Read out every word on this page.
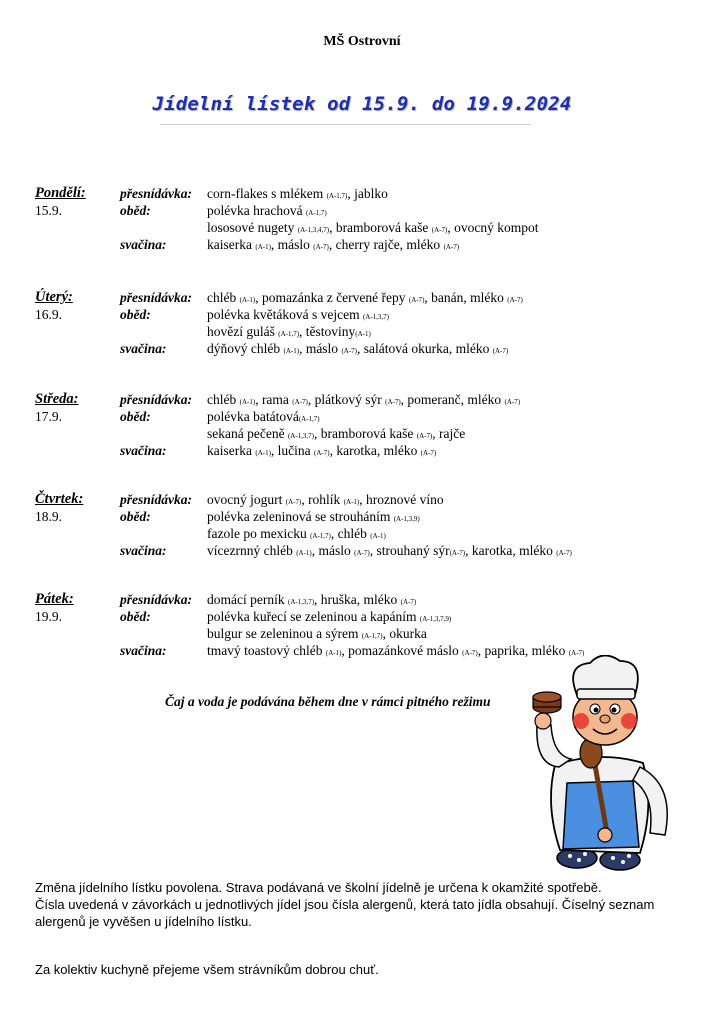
MŠ Ostrovní
Jídelní lístek od 15.9. do 19.9.2024
Pondělí:	přesnídávka: corn-flakes s mlékem (A-1,7), jablko
15.9.	oběd:	polévka hrachová (A-1,7)
lososové nugety (A-1,3,4,7), bramborová kaše (A-7), ovocný kompot
svačina:	kaiserka (A-1), máslo (A-7), cherry rajče, mléko (A-7)
Úterý:	přesnídávka: chléb (A-1), pomazánka z červené řepy (A-7), banán, mléko (A-7)
16.9.	oběd:	polévka květáková s vejcem (A-1,3,7)
hovězí guláš (A-1,7), těstoviny(A-1)
svačina:	dýňový chléb (A-1), máslo (A-7), salátová okurka, mléko (A-7)
Středa:	přesnídávka: chléb (A-1), rama (A-7), plátkový sýr (A-7), pomeranč, mléko (A-7)
17.9.	oběd:	polévka batátová(A-1,7)
sekaná pečeně (A-1,3,7), bramborová kaše (A-7), rajče
svačina:	kaiserka (A-1), lučina (A-7), karotka, mléko (A-7)
Čtvrtek:	přesnídávka: ovocný jogurt (A-7), rohlík (A-1), hroznové víno
18.9.	oběd:	polévka zeleninová se strouháním (A-1,3,9)
fazole po mexicku (A-1,7), chléb (A-1)
svačina:	vícezrnný chléb (A-1), máslo (A-7), strouhaný sýr(A-7), karotka, mléko (A-7)
Pátek:	přesnídávka: domácí perník (A-1,3,7), hruška, mléko (A-7)
19.9.	oběd:	polévka kuřecí se zeleninou a kapáním (A-1,3,7,9)
bulgur se zeleninou a sýrem (A-1,7), okurka
svačina:	tmavý toastový chléb (A-1), pomazánkové máslo (A-7), paprika, mléko (A-7)
Čaj a voda je podávána během dne v rámci pitného režimu
Změna jídelního lístku povolena. Strava podávaná ve školní jídelně je určena k okamžité spotřebě.
Čísla uvedená v závorkách u jednotlivých jídel jsou čísla alergenů, která tato jídla obsahují. Číselný seznam
alergenů je vyvěšen u jídelního lístku.
Za kolektiv kuchyně přejeme všem strávníkům dobrou chuť.
